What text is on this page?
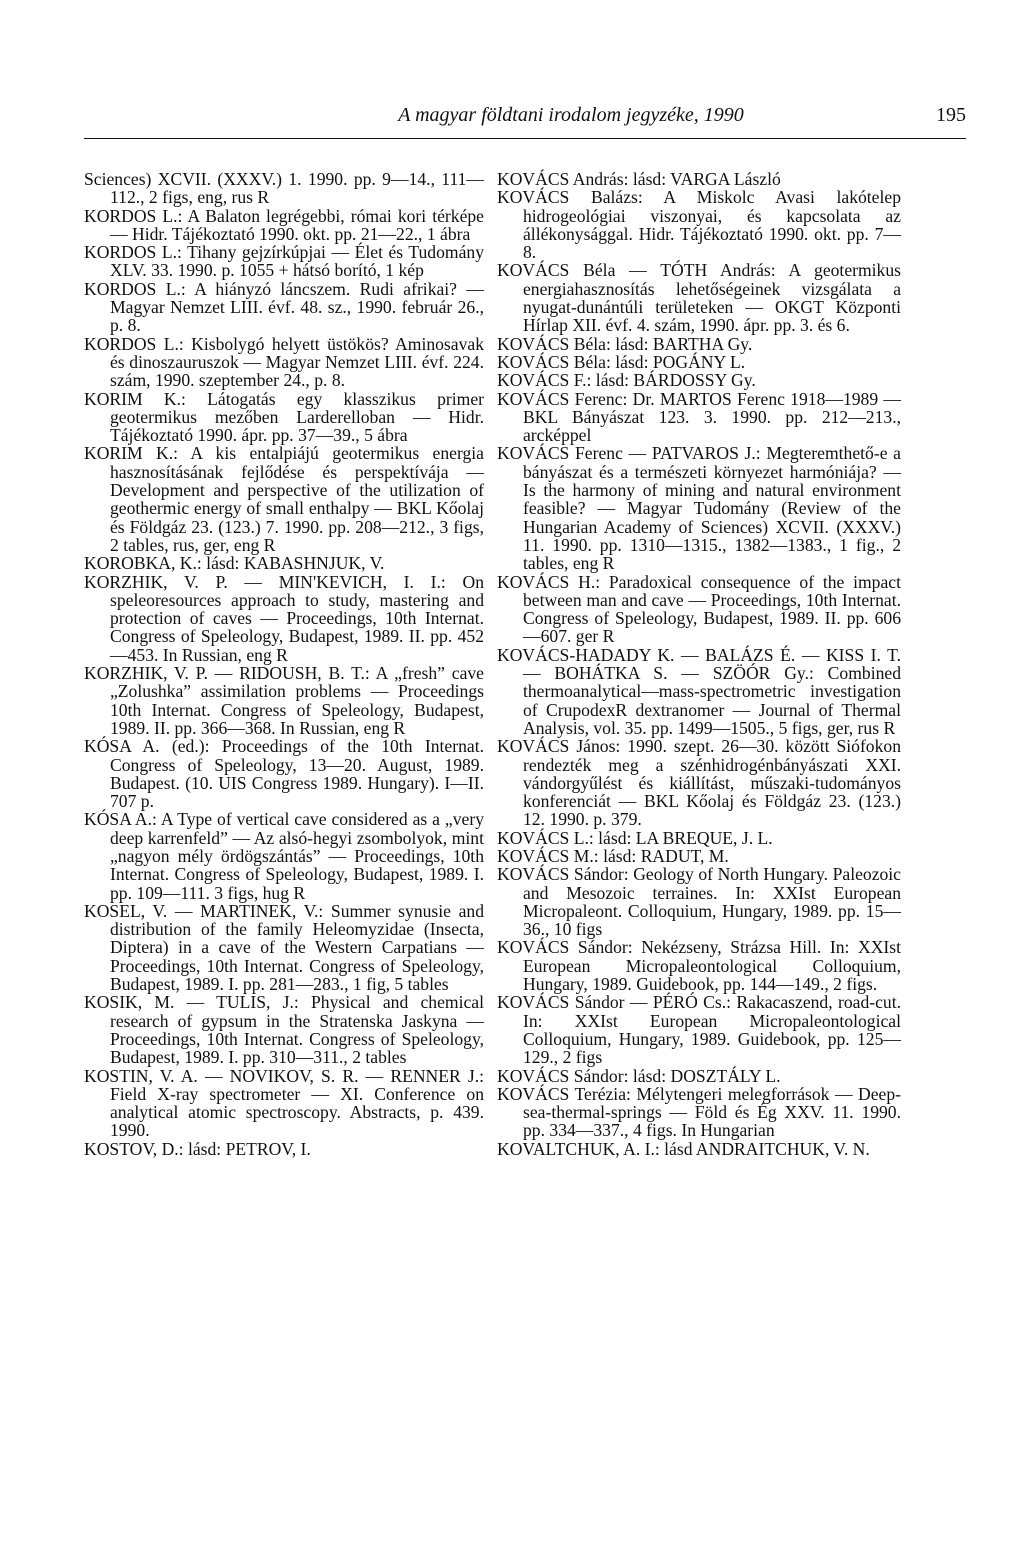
A magyar földtani irodalom jegyzéke, 1990	195

Sciences) XCVII. (XXXV.) 1. 1990. pp. 9—14., 111—112., 2 figs, eng, rus R

KORDOS L.: A Balaton legrégebbi, római kori térképe — Hidr. Tájékoztató 1990. okt. pp. 21—22., 1 ábra

KORDOS L.: Tihany gejzírkúpjai — Élet és Tudomány XLV. 33. 1990. p. 1055 + hátsó borító, 1 kép

KORDOS L.: A hiányzó láncszem. Rudi afrikai? — Magyar Nemzet LIII. évf. 48. sz., 1990. február 26., p. 8.

KORDOS L.: Kisbolygó helyett üstökös? Aminosavak és dinoszauruszok — Magyar Nemzet LIII. évf. 224. szám, 1990. szeptember 24., p. 8.

KORIM K.: Látogatás egy klasszikus primer geotermikus mezőben Larderelloban — Hidr. Tájékoztató 1990. ápr. pp. 37—39., 5 ábra

KORIM K.: A kis entalpiájú geotermikus energia hasznosításának fejlődése és perspektívája — Development and perspective of the utilization of geothermic energy of small enthalpy — BKL Kőolaj és Földgáz 23. (123.) 7. 1990. pp. 208—212., 3 figs, 2 tables, rus, ger, eng R

KOROBKA, K.: lásd: KABASHNJUK, V.

KORZHIK, V. P. — MIN'KEVICH, I. I.: On speleoresources approach to study, mastering and protection of caves — Proceedings, 10th Internat. Congress of Speleology, Budapest, 1989. II. pp. 452—453. In Russian, eng R

KORZHIK, V. P. — RIDOUSH, B. T.: A „fresh” cave „Zolushka” assimilation problems — Proceedings 10th Internat. Congress of Speleology, Budapest, 1989. II. pp. 366—368. In Russian, eng R

KÓSA A. (ed.): Proceedings of the 10th Internat. Congress of Speleology, 13—20. August, 1989. Budapest. (10. UIS Congress 1989. Hungary). I—II. 707 p.

KÓSA A.: A Type of vertical cave considered as a „very deep karrenfeld” — Az alsó-hegyi zsombolyok, mint „nagyon mély ördögszántás” — Proceedings, 10th Internat. Congress of Speleology, Budapest, 1989. I. pp. 109—111. 3 figs, hug R

KOSEL, V. — MARTINEK, V.: Summer synusie and distribution of the family Heleomyzidae (Insecta, Diptera) in a cave of the Western Carpatians — Proceedings, 10th Internat. Congress of Speleology, Budapest, 1989. I. pp. 281—283., 1 fig, 5 tables

KOSIK, M. — TULIS, J.: Physical and chemical research of gypsum in the Stratenska Jaskyna — Proceedings, 10th Internat. Congress of Speleology, Budapest, 1989. I. pp. 310—311., 2 tables

KOSTIN, V. A. — NOVIKOV, S. R. — RENNER J.: Field X-ray spectrometer — XI. Conference on analytical atomic spectroscopy. Abstracts, p. 439. 1990.

KOSTOV, D.: lásd: PETROV, I.

KOVÁCS András: lásd: VARGA László

KOVÁCS Balázs: A Miskolc Avasi lakótelep hidrogeológiai viszonyai, és kapcsolata az állékonysággal. Hidr. Tájékoztató 1990. okt. pp. 7—8.

KOVÁCS Béla — TÓTH András: A geotermikus energiahasznosítás lehetőségeinek vizsgálata a nyugat-dunántúli területeken — OKGT Központi Hírlap XII. évf. 4. szám, 1990. ápr. pp. 3. és 6.

KOVÁCS Béla: lásd: BARTHA Gy.

KOVÁCS Béla: lásd: POGÁNY L.

KOVÁCS F.: lásd: BÁRDOSSY Gy.

KOVÁCS Ferenc: Dr. MARTOS Ferenc 1918—1989 — BKL Bányászat 123. 3. 1990. pp. 212—213., arcképpel

KOVÁCS Ferenc — PATVAROS J.: Megteremthető-e a bányászat és a természeti környezet harmóniája? — Is the harmony of mining and natural environment feasible? — Magyar Tudomány (Review of the Hungarian Academy of Sciences) XCVII. (XXXV.) 11. 1990. pp. 1310—1315., 1382—1383., 1 fig., 2 tables, eng R

KOVÁCS H.: Paradoxical consequence of the impact between man and cave — Proceedings, 10th Internat. Congress of Speleology, Budapest, 1989. II. pp. 606—607. ger R

KOVÁCS-HADADY K. — BALÁZS É. — KISS I. T. — BOHÁTKA S. — SZÖÓR Gy.: Combined thermoanalytical—mass-spectrometric investigation of CrupodexR dextranomer — Journal of Thermal Analysis, vol. 35. pp. 1499—1505., 5 figs, ger, rus R

KOVÁCS János: 1990. szept. 26—30. között Siófokon rendezték meg a szénhidrogénbányászati XXI. vándorgyűlést és kiállítást, műszaki-tudományos konferenciát — BKL Kőolaj és Földgáz 23. (123.) 12. 1990. p. 379.

KOVÁCS L.: lásd: LA BREQUE, J. L.

KOVÁCS M.: lásd: RADUT, M.

KOVÁCS Sándor: Geology of North Hungary. Paleozoic and Mesozoic terraines. In: XXIst European Micropaleont. Colloquium, Hungary, 1989. pp. 15—36., 10 figs

KOVÁCS Sándor: Nekézseny, Strázsa Hill. In: XXIst European Micropaleontological Colloquium, Hungary, 1989. Guidebook, pp. 144—149., 2 figs.

KOVÁCS Sándor — PÉRÓ Cs.: Rakacaszend, road-cut. In: XXIst European Micropaleontological Colloquium, Hungary, 1989. Guidebook, pp. 125—129., 2 figs

KOVÁCS Sándor: lásd: DOSZTÁLY L.

KOVÁCS Terézia: Mélytengeri melegforrások — Deep-sea-thermal-springs — Föld és Ég XXV. 11. 1990. pp. 334—337., 4 figs. In Hungarian

KOVALTCHUK, A. I.: lásd ANDRAITCHUK, V. N.
